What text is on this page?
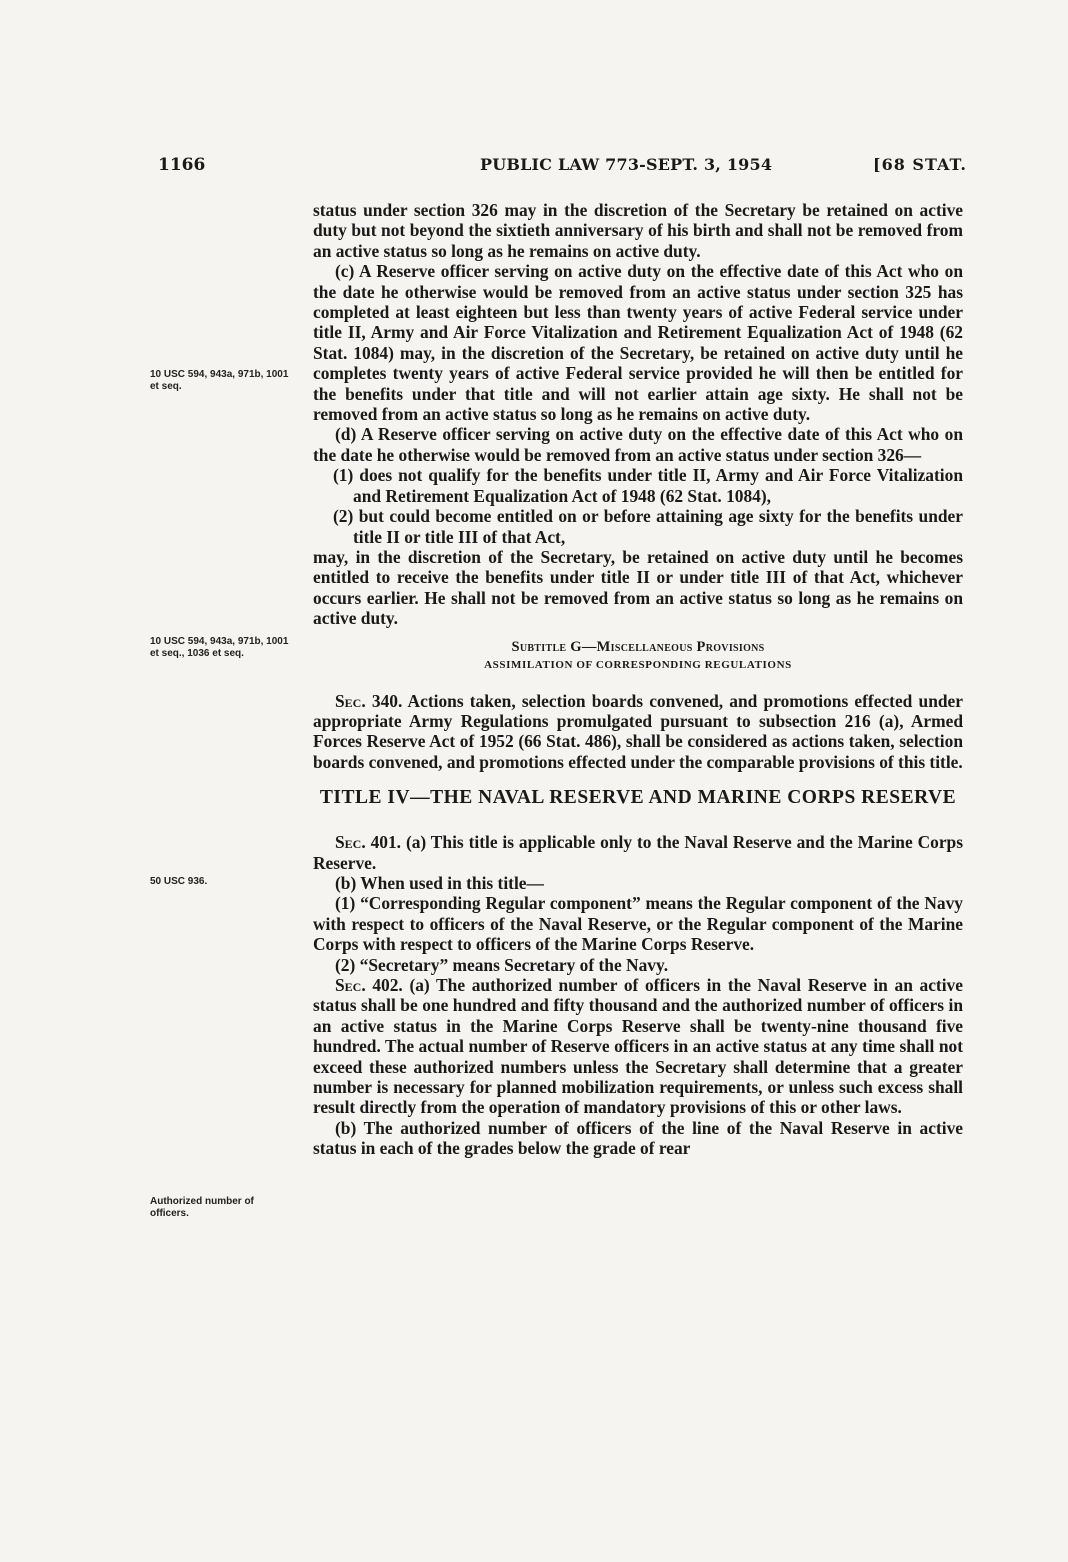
1166	PUBLIC LAW 773-SEPT. 3, 1954	[68 STAT.
10 USC 594, 943a, 971b, 1001 et seq.
10 USC 594, 943a, 971b, 1001 et seq., 1036 et seq.
50 USC 936.
Authorized number of officers.

status under section 326 may in the discretion of the Secretary be retained on active duty but not beyond the sixtieth anniversary of his birth and shall not be removed from an active status so long as he remains on active duty.

(c) A Reserve officer serving on active duty on the effective date of this Act who on the date he otherwise would be removed from an active status under section 325 has completed at least eighteen but less than twenty years of active Federal service under title II, Army and Air Force Vitalization and Retirement Equalization Act of 1948 (62 Stat. 1084) may, in the discretion of the Secretary, be retained on active duty until he completes twenty years of active Federal service provided he will then be entitled for the benefits under that title and will not earlier attain age sixty. He shall not be removed from an active status so long as he remains on active duty.

(d) A Reserve officer serving on active duty on the effective date of this Act who on the date he otherwise would be removed from an active status under section 326—

(1) does not qualify for the benefits under title II, Army and Air Force Vitalization and Retirement Equalization Act of 1948 (62 Stat. 1084),

(2) but could become entitled on or before attaining age sixty for the benefits under title II or title III of that Act,

may, in the discretion of the Secretary, be retained on active duty until he becomes entitled to receive the benefits under title II or under title III of that Act, whichever occurs earlier. He shall not be removed from an active status so long as he remains on active duty.

Subtitle G—Miscellaneous Provisions
ASSIMILATION OF CORRESPONDING REGULATIONS

Sec. 340. Actions taken, selection boards convened, and promotions effected under appropriate Army Regulations promulgated pursuant to subsection 216 (a), Armed Forces Reserve Act of 1952 (66 Stat. 486), shall be considered as actions taken, selection boards convened, and promotions effected under the comparable provisions of this title.

TITLE IV—THE NAVAL RESERVE AND MARINE CORPS RESERVE

Sec. 401. (a) This title is applicable only to the Naval Reserve and the Marine Corps Reserve.

(b) When used in this title—

(1) “Corresponding Regular component” means the Regular component of the Navy with respect to officers of the Naval Reserve, or the Regular component of the Marine Corps with respect to officers of the Marine Corps Reserve.

(2) “Secretary” means Secretary of the Navy.

Sec. 402. (a) The authorized number of officers in the Naval Reserve in an active status shall be one hundred and fifty thousand and the authorized number of officers in an active status in the Marine Corps Reserve shall be twenty-nine thousand five hundred. The actual number of Reserve officers in an active status at any time shall not exceed these authorized numbers unless the Secretary shall determine that a greater number is necessary for planned mobilization requirements, or unless such excess shall result directly from the operation of mandatory provisions of this or other laws.

(b) The authorized number of officers of the line of the Naval Reserve in active status in each of the grades below the grade of rear
